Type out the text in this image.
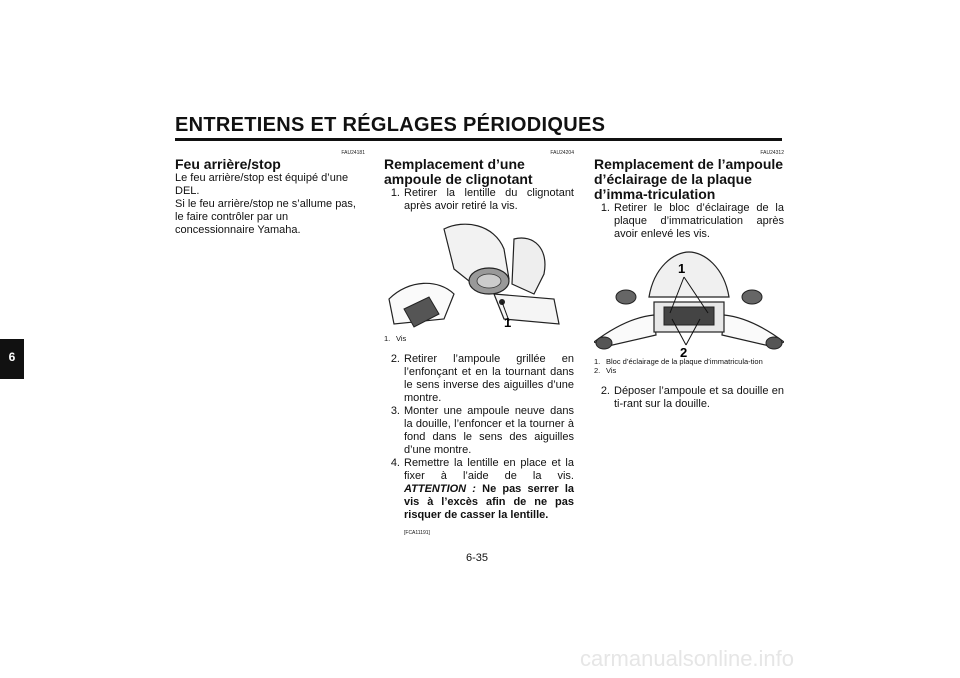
ENTRETIENS ET RÉGLAGES PÉRIODIQUES
6
FAU24181
Feu arrière/stop

Le feu arrière/stop est équipé d’une DEL.

Si le feu arrière/stop ne s’allume pas, le faire contrôler par un concessionnaire Yamaha.

FAU24204
Remplacement d’une ampoule de clignotant
1. Retirer la lentille du clignotant après avoir retiré la vis.
1
1. Vis
2. Retirer l’ampoule grillée en l’enfonçant et en la tournant dans le sens inverse des aiguilles d’une montre.
3. Monter une ampoule neuve dans la douille, l’enfoncer et la tourner à fond dans le sens des aiguilles d’une montre.
4. Remettre la lentille en place et la fixer à l’aide de la vis. ATTENTION : Ne pas serrer la vis à l’excès afin de ne pas risquer de casser la lentille.
[FCA11191]
FAU24312
Remplacement de l’ampoule d’éclairage de la plaque d’imma-triculation
1. Retirer le bloc d’éclairage de la plaque d’immatriculation après avoir enlevé les vis.
1
2
1. Bloc d’éclairage de la plaque d’immatricula-tion
2. Vis
2. Déposer l’ampoule et sa douille en ti-rant sur la douille.
6-35
carmanualsonline.info
